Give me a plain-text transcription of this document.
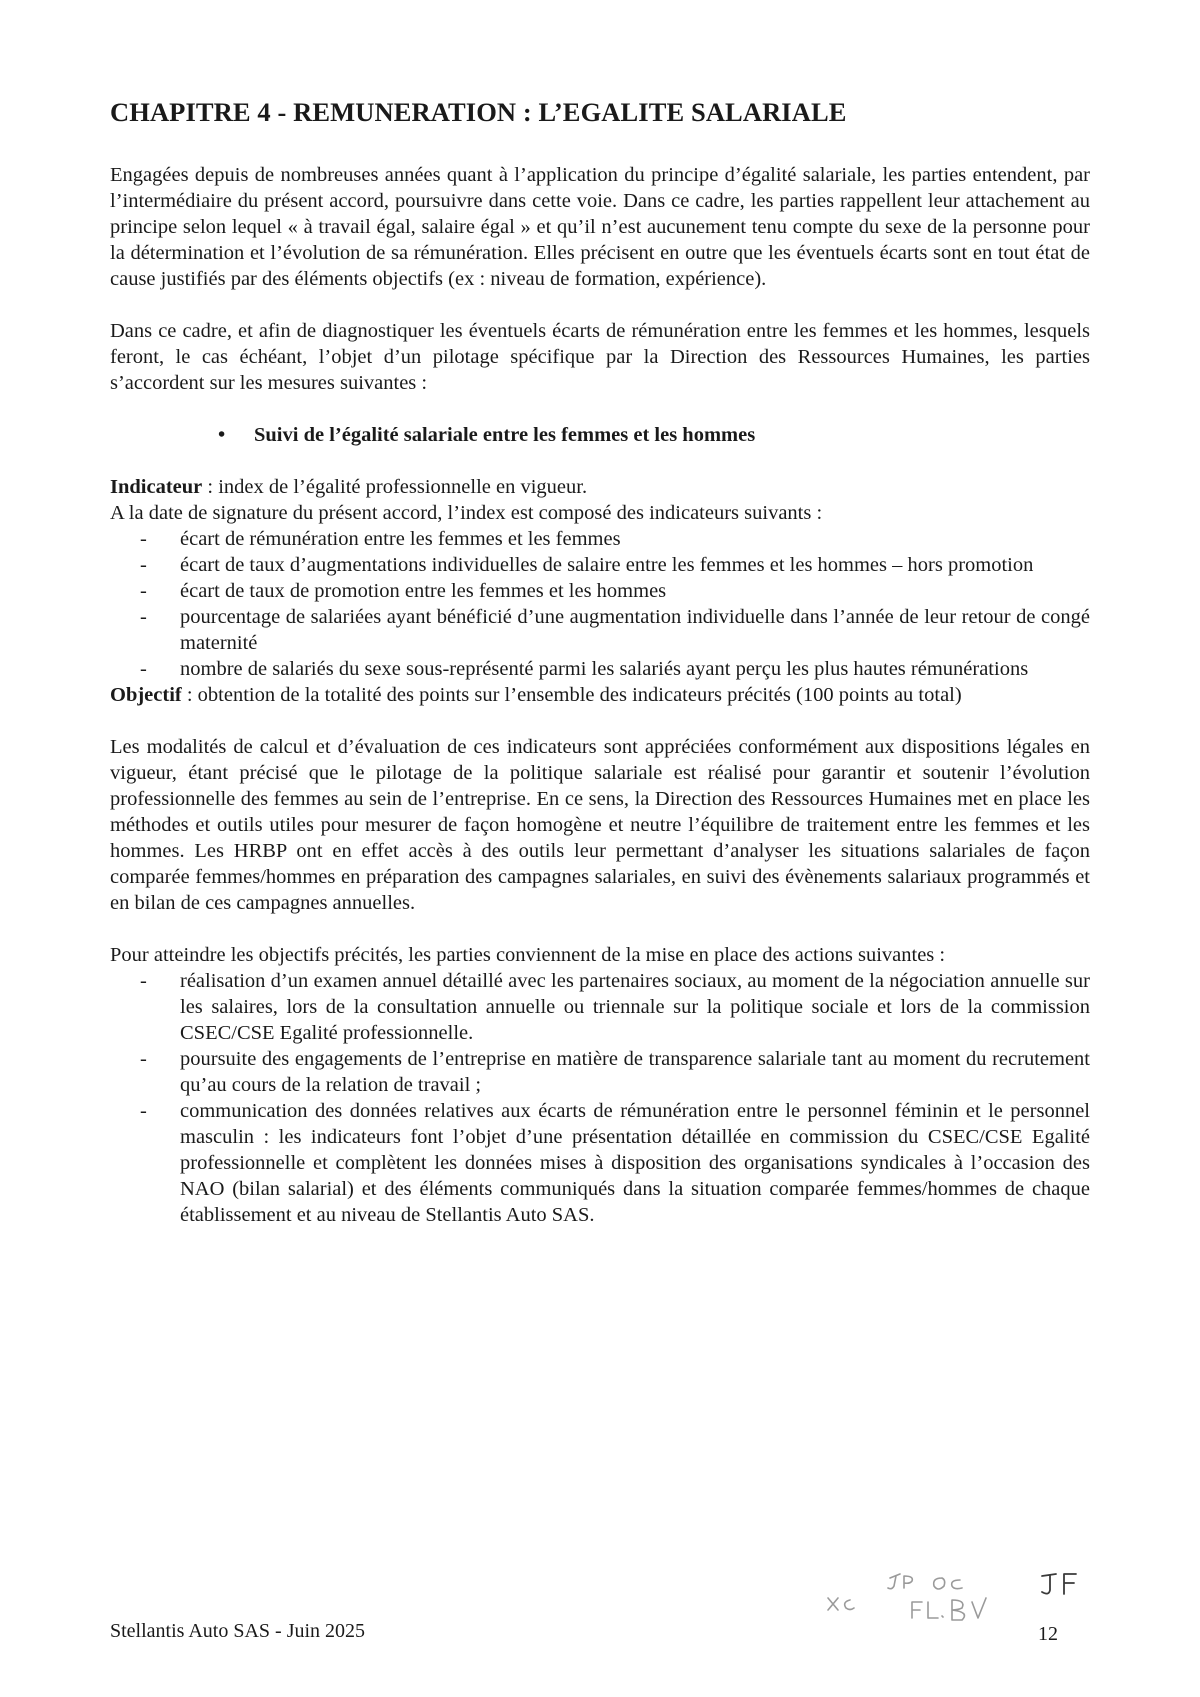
CHAPITRE 4 - REMUNERATION : L’EGALITE SALARIALE

Engagées depuis de nombreuses années quant à l’application du principe d’égalité salariale, les parties entendent, par l’intermédiaire du présent accord, poursuivre dans cette voie. Dans ce cadre, les parties rappellent leur attachement au principe selon lequel « à travail égal, salaire égal » et qu’il n’est aucunement tenu compte du sexe de la personne pour la détermination et l’évolution de sa rémunération. Elles précisent en outre que les éventuels écarts sont en tout état de cause justifiés par des éléments objectifs (ex : niveau de formation, expérience).

Dans ce cadre, et afin de diagnostiquer les éventuels écarts de rémunération entre les femmes et les hommes, lesquels feront, le cas échéant, l’objet d’un pilotage spécifique par la Direction des Ressources Humaines, les parties s’accordent sur les mesures suivantes :

•	Suivi de l’égalité salariale entre les femmes et les hommes

Indicateur : index de l’égalité professionnelle en vigueur.

A la date de signature du présent accord, l’index est composé des indicateurs suivants :

- écart de rémunération entre les femmes et les femmes
- écart de taux d’augmentations individuelles de salaire entre les femmes et les hommes – hors promotion
- écart de taux de promotion entre les femmes et les hommes
- pourcentage de salariées ayant bénéficié d’une augmentation individuelle dans l’année de leur retour de congé maternité
- nombre de salariés du sexe sous-représenté parmi les salariés ayant perçu les plus hautes rémunérations

Objectif : obtention de la totalité des points sur l’ensemble des indicateurs précités (100 points au total)

Les modalités de calcul et d’évaluation de ces indicateurs sont appréciées conformément aux dispositions légales en vigueur, étant précisé que le pilotage de la politique salariale est réalisé pour garantir et soutenir l’évolution professionnelle des femmes au sein de l’entreprise. En ce sens, la Direction des Ressources Humaines met en place les méthodes et outils utiles pour mesurer de façon homogène et neutre l’équilibre de traitement entre les femmes et les hommes. Les HRBP ont en effet accès à des outils leur permettant d’analyser les situations salariales de façon comparée femmes/hommes en préparation des campagnes salariales, en suivi des évènements salariaux programmés et en bilan de ces campagnes annuelles.

Pour atteindre les objectifs précités, les parties conviennent de la mise en place des actions suivantes :

- réalisation d’un examen annuel détaillé avec les partenaires sociaux, au moment de la négociation annuelle sur les salaires, lors de la consultation annuelle ou triennale sur la politique sociale et lors de la commission CSEC/CSE Egalité professionnelle.
- poursuite des engagements de l’entreprise en matière de transparence salariale tant au moment du recrutement qu’au cours de la relation de travail ;
- communication des données relatives aux écarts de rémunération entre le personnel féminin et le personnel masculin : les indicateurs font l’objet d’une présentation détaillée en commission du CSEC/CSE Egalité professionnelle et complètent les données mises à disposition des organisations syndicales à l’occasion des NAO (bilan salarial) et des éléments communiqués dans la situation comparée femmes/hommes de chaque établissement et au niveau de Stellantis Auto SAS.
Stellantis Auto SAS - Juin 2025	12
